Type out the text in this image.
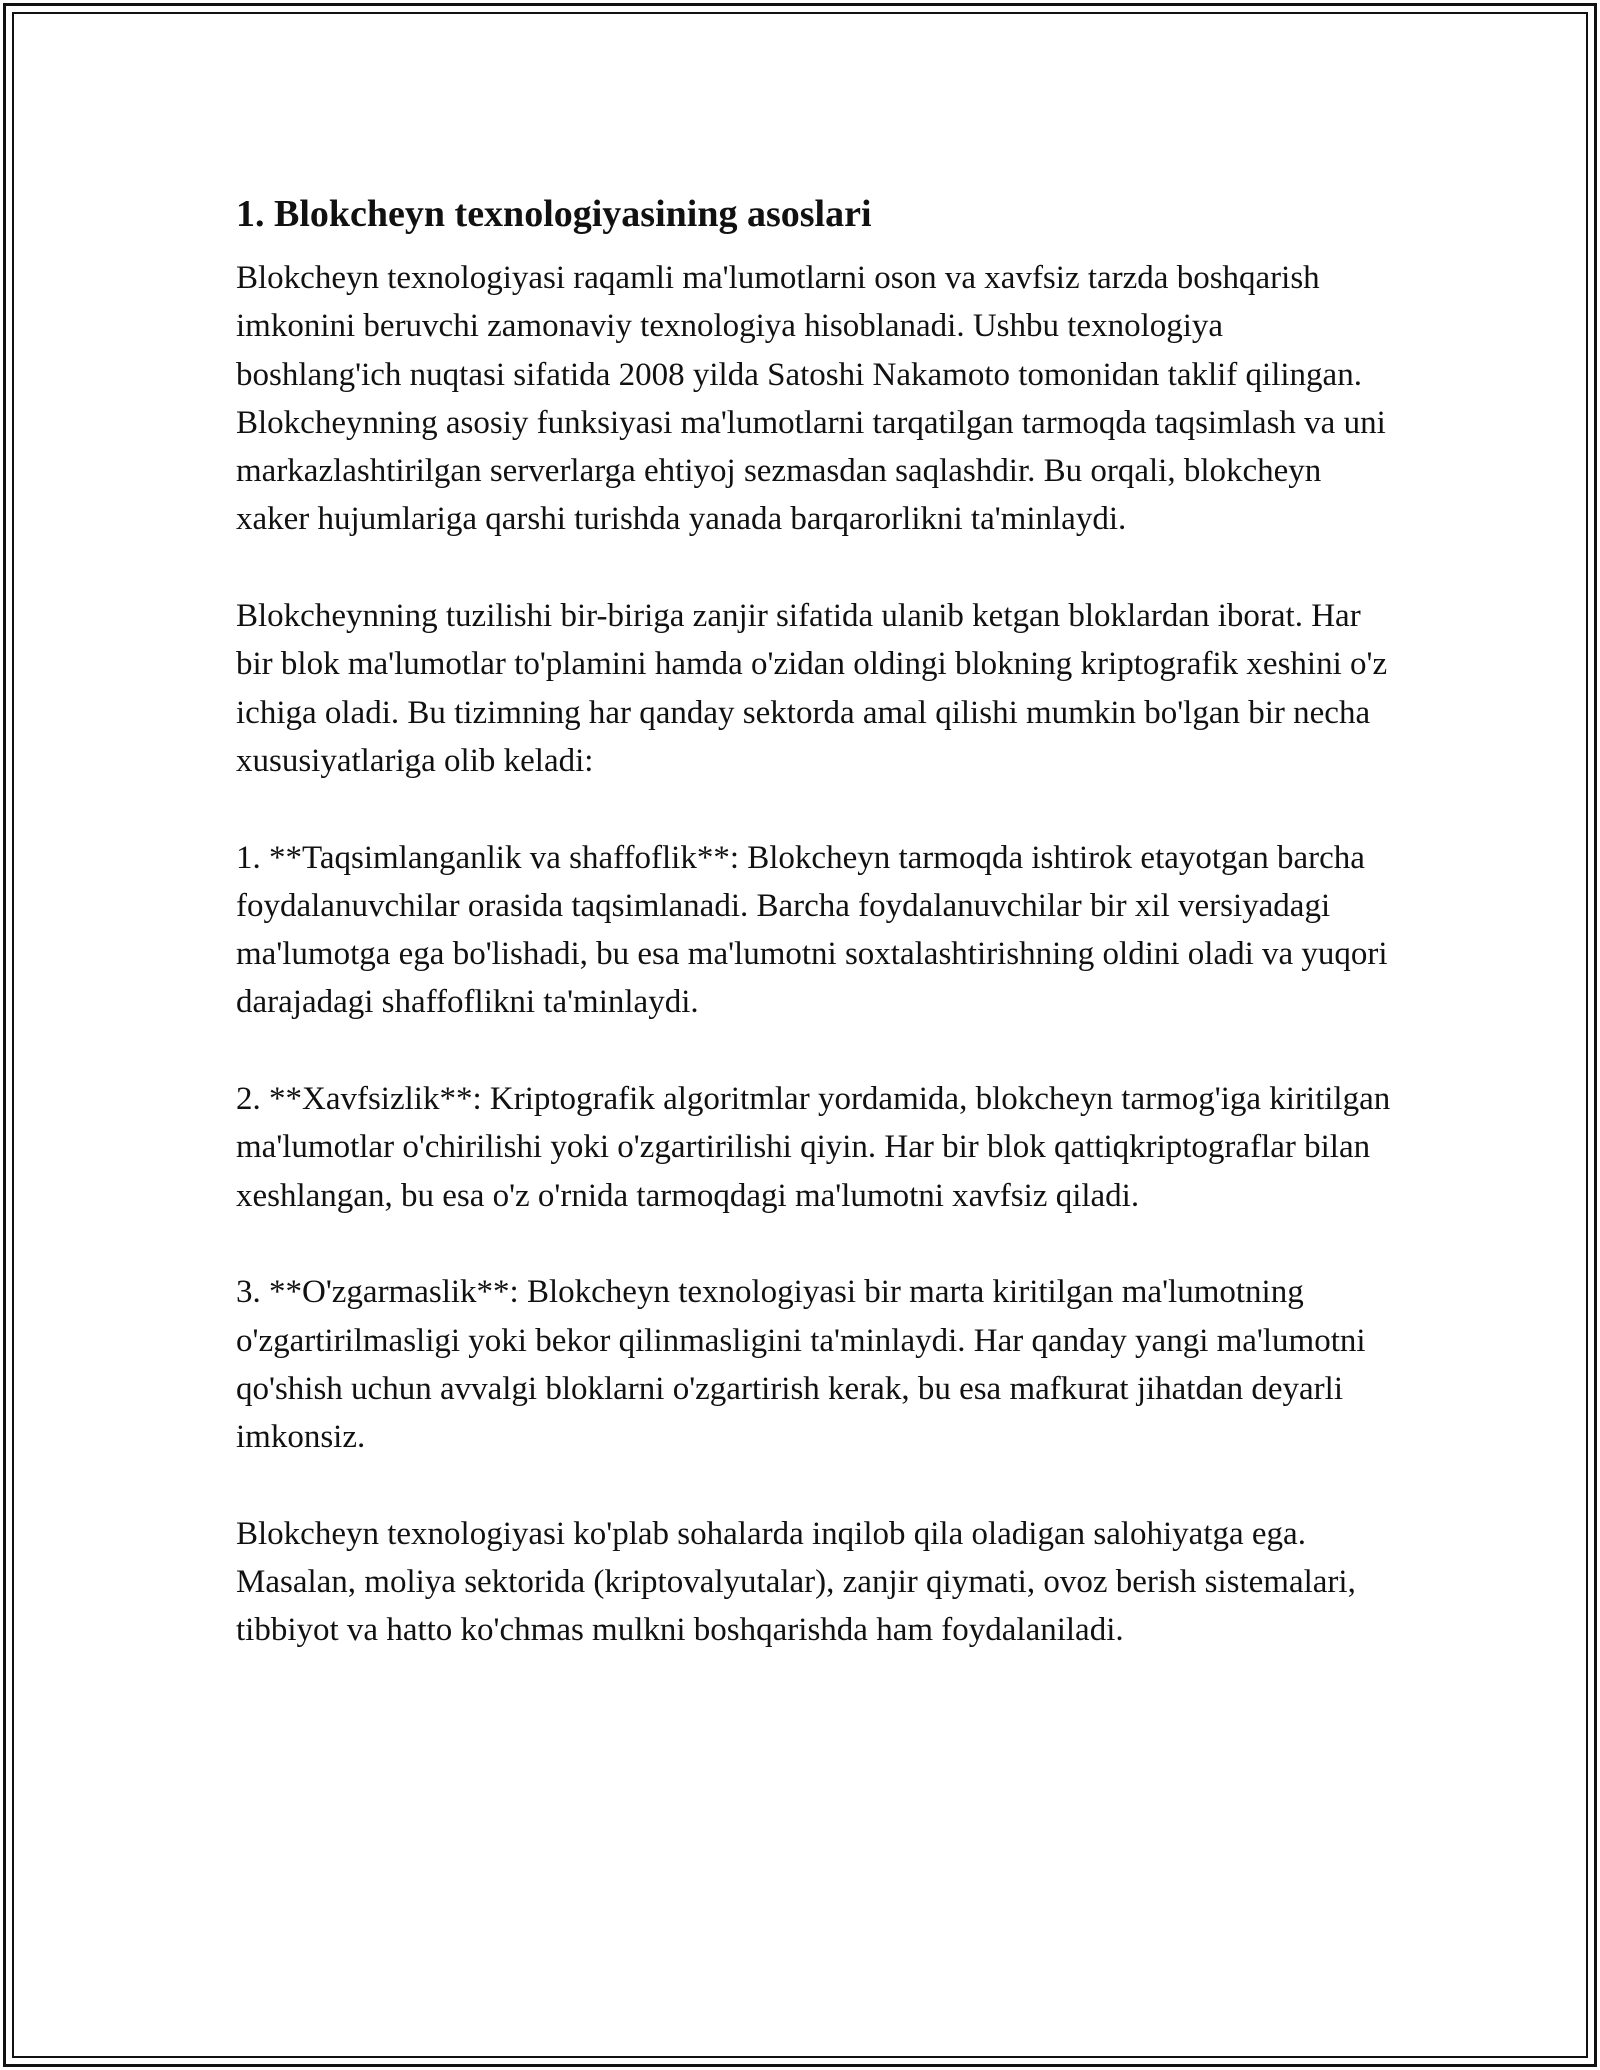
1. Blokcheyn texnologiyasining asoslari

Blokcheyn texnologiyasi raqamli ma'lumotlarni oson va xavfsiz tarzda boshqarish imkonini beruvchi zamonaviy texnologiya hisoblanadi. Ushbu texnologiya boshlang'ich nuqtasi sifatida 2008 yilda Satoshi Nakamoto tomonidan taklif qilingan. Blokcheynning asosiy funksiyasi ma'lumotlarni tarqatilgan tarmoqda taqsimlash va uni markazlashtirilgan serverlarga ehtiyoj sezmasdan saqlashdir. Bu orqali, blokcheyn xaker hujumlariga qarshi turishda yanada barqarorlikni ta'minlaydi.

Blokcheynning tuzilishi bir-biriga zanjir sifatida ulanib ketgan bloklardan iborat. Har bir blok ma'lumotlar to'plamini hamda o'zidan oldingi blokning kriptografik xeshini o'z ichiga oladi. Bu tizimning har qanday sektorda amal qilishi mumkin bo'lgan bir necha xususiyatlariga olib keladi:

1. **Taqsimlanganlik va shaffoflik**: Blokcheyn tarmoqda ishtirok etayotgan barcha foydalanuvchilar orasida taqsimlanadi. Barcha foydalanuvchilar bir xil versiyadagi ma'lumotga ega bo'lishadi, bu esa ma'lumotni soxtalashtirishning oldini oladi va yuqori darajadagi shaffoflikni ta'minlaydi.

2. **Xavfsizlik**: Kriptografik algoritmlar yordamida, blokcheyn tarmog'iga kiritilgan ma'lumotlar o'chirilishi yoki o'zgartirilishi qiyin. Har bir blok qattiqkriptograflar bilan xeshlangan, bu esa o'z o'rnida tarmoqdagi ma'lumotni xavfsiz qiladi.

3. **O'zgarmaslik**: Blokcheyn texnologiyasi bir marta kiritilgan ma'lumotning o'zgartirilmasligi yoki bekor qilinmasligini ta'minlaydi. Har qanday yangi ma'lumotni qo'shish uchun avvalgi bloklarni o'zgartirish kerak, bu esa mafkurat jihatdan deyarli imkonsiz.

Blokcheyn texnologiyasi ko'plab sohalarda inqilob qila oladigan salohiyatga ega. Masalan, moliya sektorida (kriptovalyutalar), zanjir qiymati, ovoz berish sistemalari, tibbiyot va hatto ko'chmas mulkni boshqarishda ham foydalaniladi.
